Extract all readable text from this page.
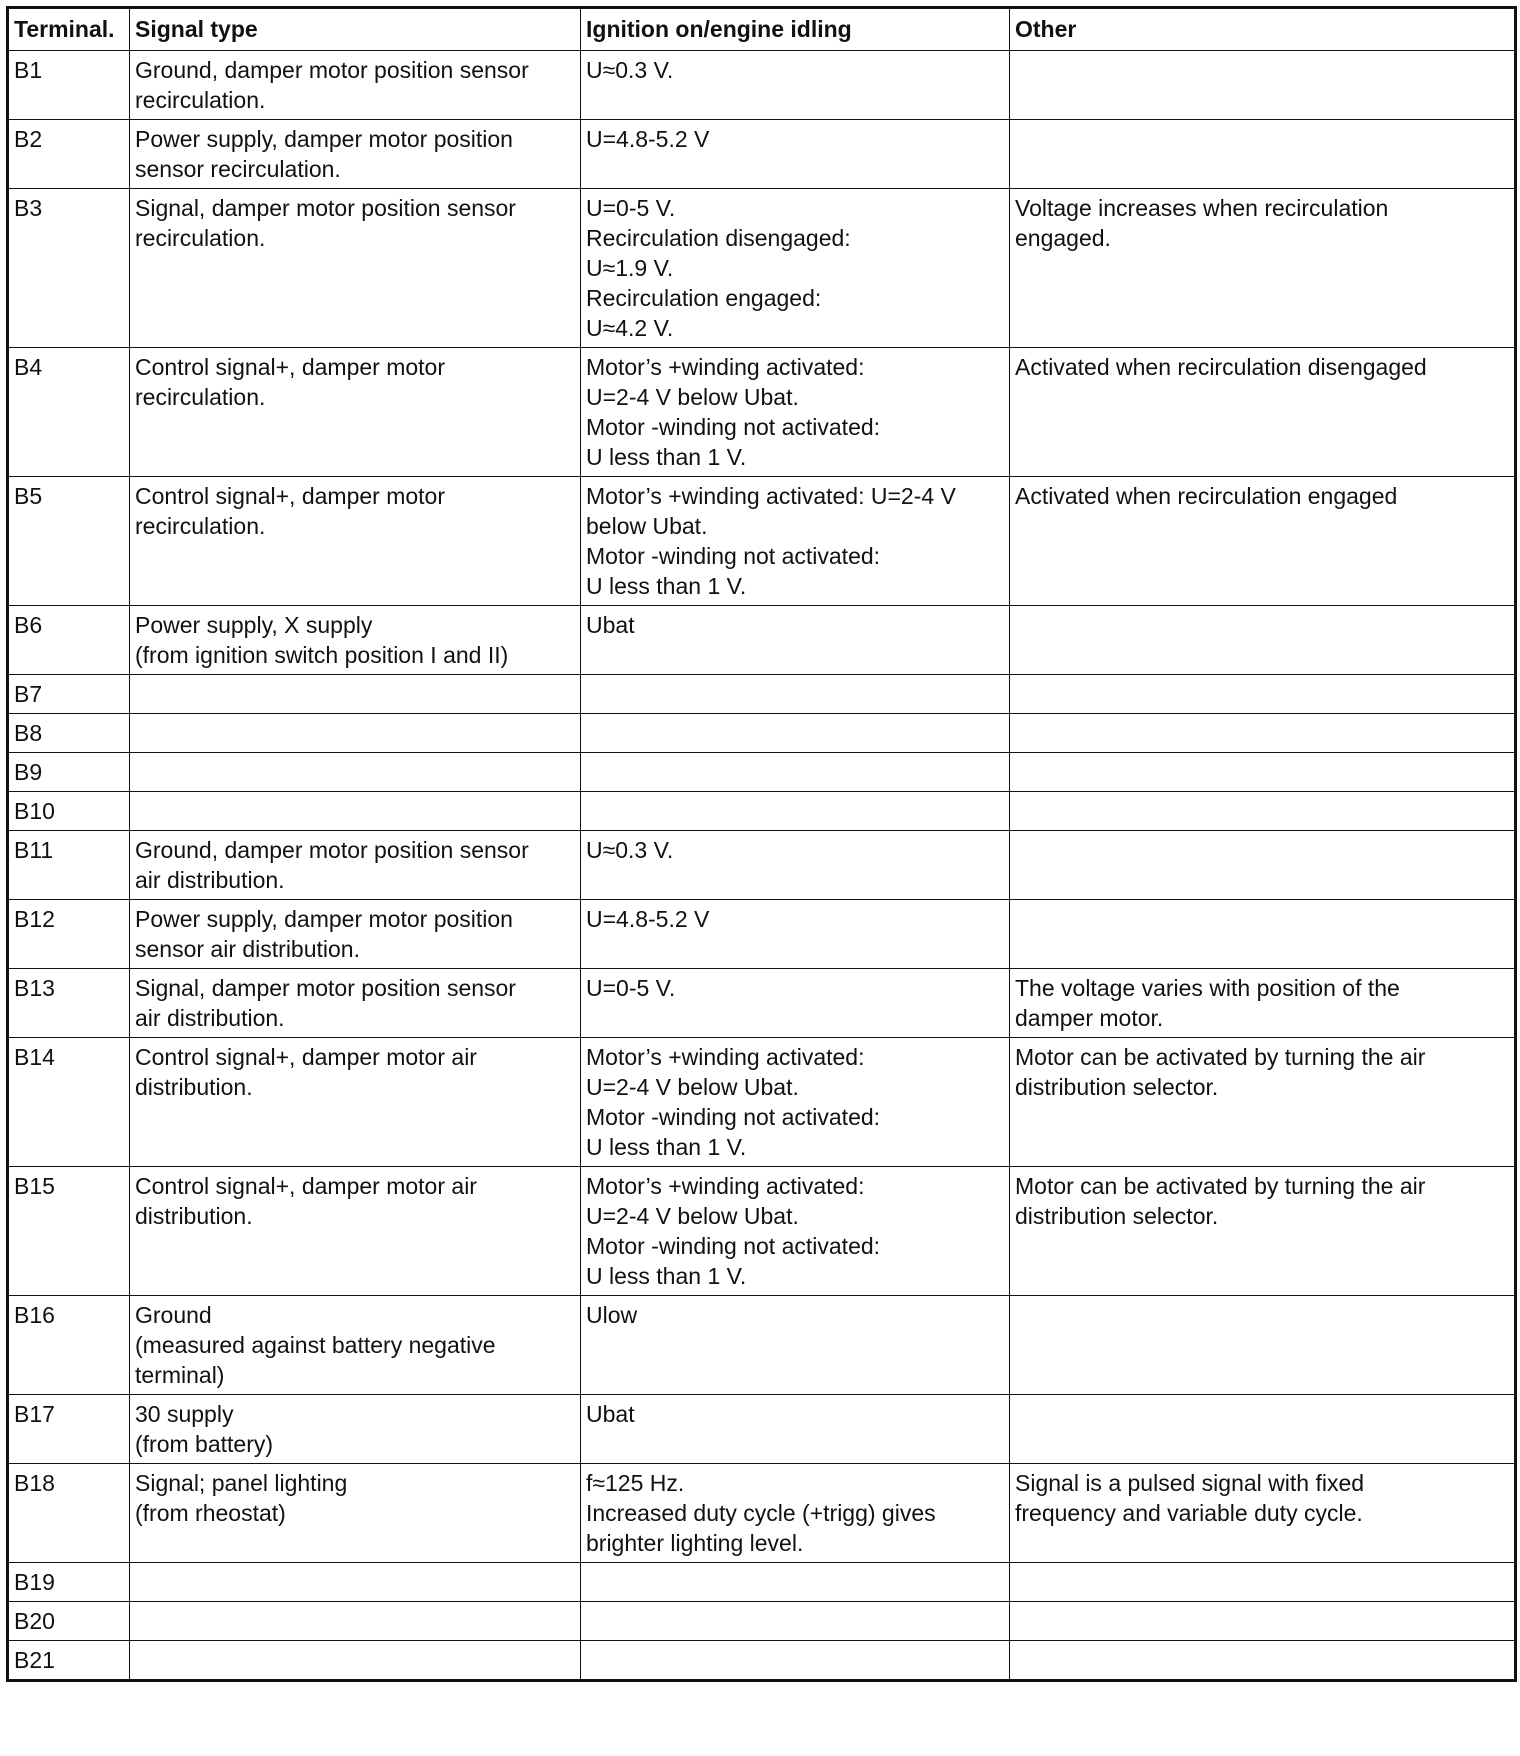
Terminal.	Signal type	Ignition on/engine idling	Other
B1	Ground, damper motor position sensor
recirculation.	U≈0.3 V.	
B2	Power supply, damper motor position
sensor recirculation.	U=4.8-5.2 V	
B3	Signal, damper motor position sensor
recirculation.	U=0-5 V.
Recirculation disengaged:
U≈1.9 V.
Recirculation engaged:
U≈4.2 V.	Voltage increases when recirculation
engaged.
B4	Control signal+, damper motor
recirculation.	Motor’s +winding activated:
U=2-4 V below Ubat.
Motor -winding not activated:
U less than 1 V.	Activated when recirculation disengaged
B5	Control signal+, damper motor
recirculation.	Motor’s +winding activated: U=2-4 V
below Ubat.
Motor -winding not activated:
U less than 1 V.	Activated when recirculation engaged
B6	Power supply, X supply
(from ignition switch position I and II)	Ubat	
B7			
B8			
B9			
B10			
B11	Ground, damper motor position sensor
air distribution.	U≈0.3 V.	
B12	Power supply, damper motor position
sensor air distribution.	U=4.8-5.2 V	
B13	Signal, damper motor position sensor
air distribution.	U=0-5 V.	The voltage varies with position of the
damper motor.
B14	Control signal+, damper motor air
distribution.	Motor’s +winding activated:
U=2-4 V below Ubat.
Motor -winding not activated:
U less than 1 V.	Motor can be activated by turning the air
distribution selector.
B15	Control signal+, damper motor air
distribution.	Motor’s +winding activated:
U=2-4 V below Ubat.
Motor -winding not activated:
U less than 1 V.	Motor can be activated by turning the air
distribution selector.
B16	Ground
(measured against battery negative
terminal)	Ulow	
B17	30 supply
(from battery)	Ubat	
B18	Signal; panel lighting
(from rheostat)	f≈125 Hz.
Increased duty cycle (+trigg) gives
brighter lighting level.	Signal is a pulsed signal with fixed
frequency and variable duty cycle.
B19			
B20			
B21			
